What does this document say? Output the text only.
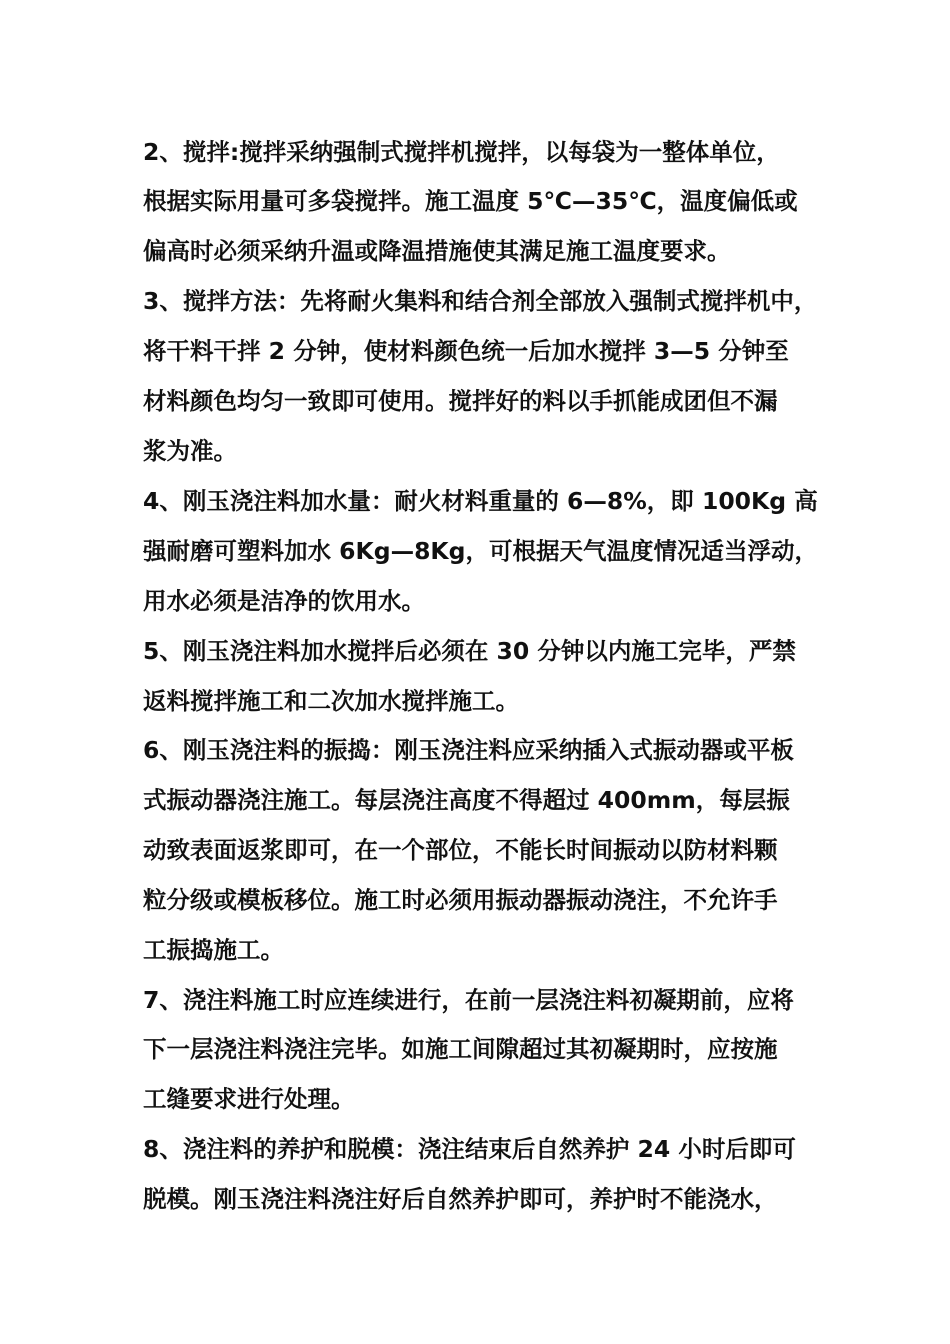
2、搅拌:搅拌采纳强制式搅拌机搅拌，以每袋为一整体单位，
根据实际用量可多袋搅拌。施工温度 5℃—35℃，温度偏低或
偏高时必须采纳升温或降温措施使其满足施工温度要求。
3、搅拌方法：先将耐火集料和结合剂全部放入强制式搅拌机中，
将干料干拌 2 分钟，使材料颜色统一后加水搅拌 3—5 分钟至
材料颜色均匀一致即可使用。搅拌好的料以手抓能成团但不漏
浆为准。
4、刚玉浇注料加水量：耐火材料重量的 6—8%，即 100Kg 高
强耐磨可塑料加水 6Kg—8Kg，可根据天气温度情况适当浮动，
用水必须是洁净的饮用水。
5、刚玉浇注料加水搅拌后必须在 30 分钟以内施工完毕，严禁
返料搅拌施工和二次加水搅拌施工。
6、刚玉浇注料的振捣：刚玉浇注料应采纳插入式振动器或平板
式振动器浇注施工。每层浇注高度不得超过 400mm，每层振
动致表面返浆即可，在一个部位，不能长时间振动以防材料颗
粒分级或模板移位。施工时必须用振动器振动浇注，不允许手
工振捣施工。
7、浇注料施工时应连续进行，在前一层浇注料初凝期前，应将
下一层浇注料浇注完毕。如施工间隙超过其初凝期时，应按施
工缝要求进行处理。
8、浇注料的养护和脱模：浇注结束后自然养护 24 小时后即可
脱模。刚玉浇注料浇注好后自然养护即可，养护时不能浇水，
